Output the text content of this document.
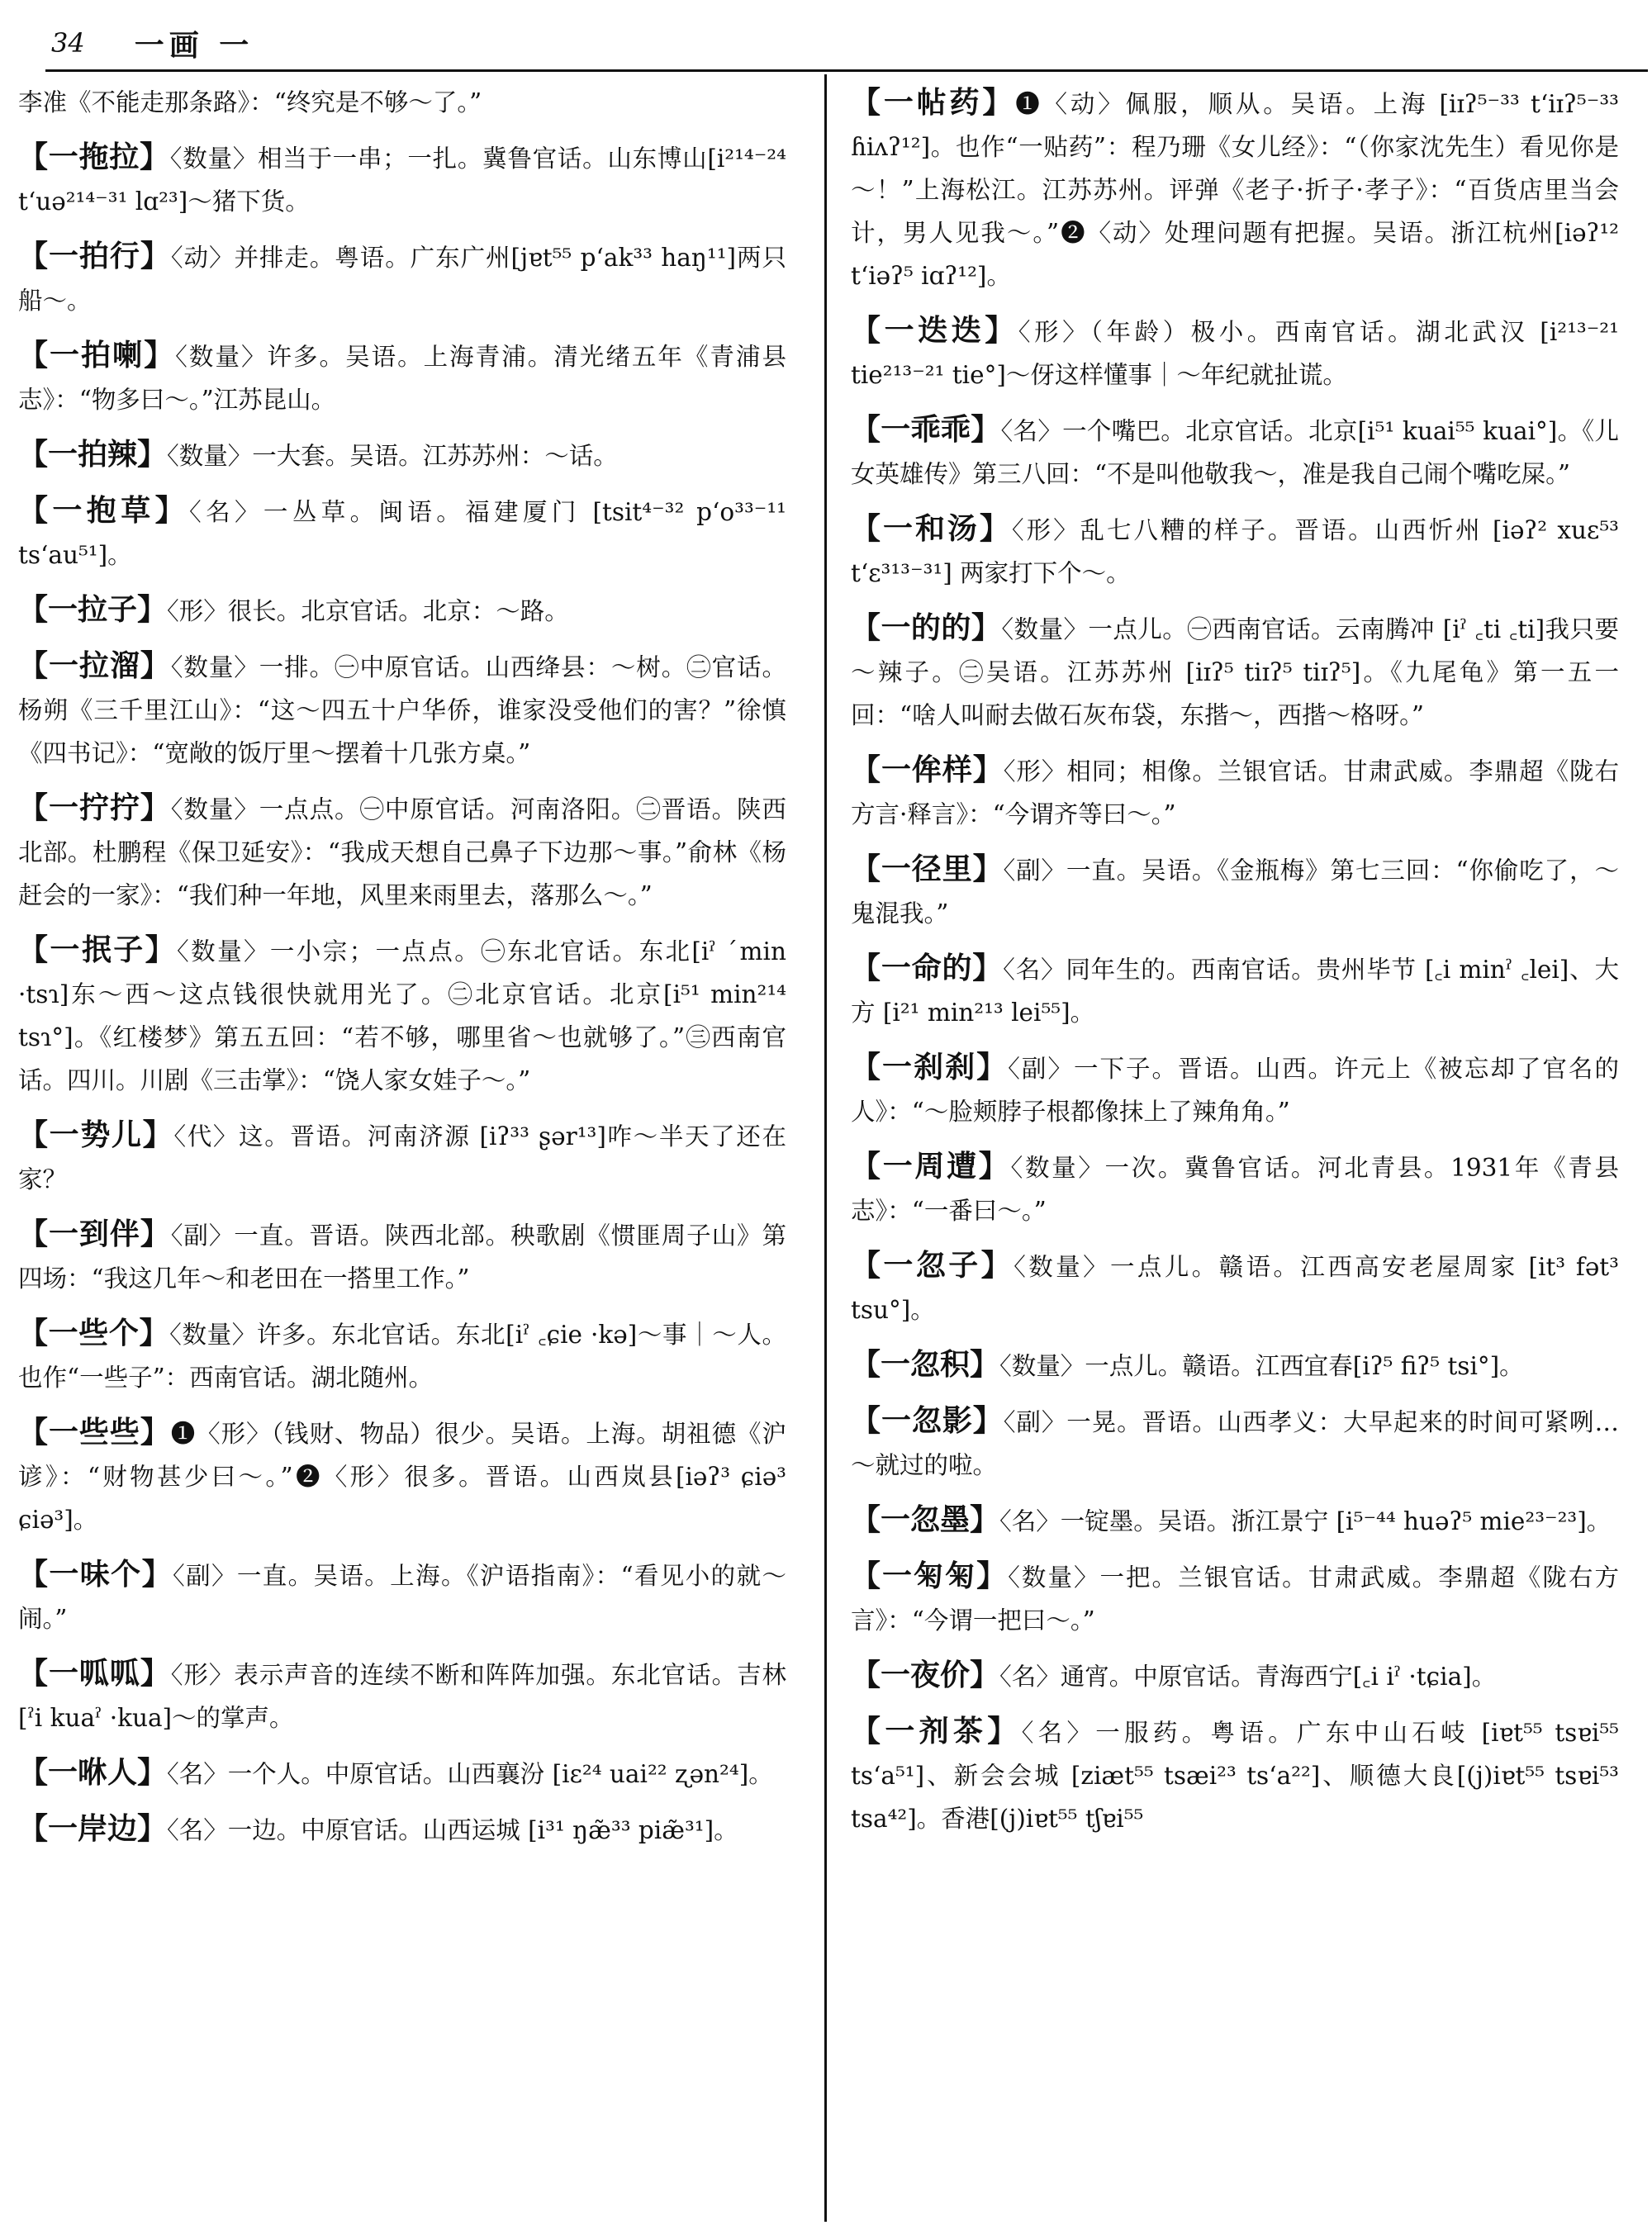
34 一画 一
李准《不能走那条路》：“终究是不够～了。”
【一拖拉】〈数量〉相当于一串；一扎。冀鲁官话。山东博山[i²¹⁴⁻²⁴ tʻuə²¹⁴⁻³¹ lɑ²³]～猪下货。
【一拍行】〈动〉并排走。粤语。广东广州[jɐt⁵⁵ pʻak³³ haŋ¹¹]两只船～。
【一拍喇】〈数量〉许多。吴语。上海青浦。清光绪五年《青浦县志》：“物多曰～。”江苏昆山。
【一拍辣】〈数量〉一大套。吴语。江苏苏州：～话。
【一抱草】〈名〉一丛草。闽语。福建厦门 [tsit⁴⁻³² pʻo³³⁻¹¹ tsʻau⁵¹]。
【一拉子】〈形〉很长。北京官话。北京：～路。
【一拉溜】〈数量〉一排。㊀中原官话。山西绛县：～树。㊁官话。杨朔《三千里江山》：“这～四五十户华侨，谁家没受他们的害？”徐慎《四书记》：“宽敞的饭厅里～摆着十几张方桌。”
【一拧拧】〈数量〉一点点。㊀中原官话。河南洛阳。㊁晋语。陕西北部。杜鹏程《保卫延安》：“我成天想自己鼻子下边那～事。”俞林《杨赶会的一家》：“我们种一年地，风里来雨里去，落那么～。”
【一抿子】〈数量〉一小宗；一点点。㊀东北官话。东北[iˀ ˊmin ·tsɿ]东～西～这点钱很快就用光了。㊁北京官话。北京[i⁵¹ min²¹⁴ tsɿ°]。《红楼梦》第五五回：“若不够，哪里省～也就够了。”㊂西南官话。四川。川剧《三击掌》：“饶人家女娃子～。”
【一势儿】〈代〉这。晋语。河南济源 [iʔ³³ ʂər¹³]咋～半天了还在家？
【一到伴】〈副〉一直。晋语。陕西北部。秧歌剧《惯匪周子山》第四场：“我这几年～和老田在一搭里工作。”
【一些个】〈数量〉许多。东北官话。东北[iˀ ꜀ɕie ·kə]～事｜～人。也作“一些子”：西南官话。湖北随州。
【一些些】❶〈形〉（钱财、物品）很少。吴语。上海。胡祖德《沪谚》：“财物甚少曰～。”❷〈形〉很多。晋语。山西岚县[iəʔ³ ɕiə³ ɕiə³]。
【一味个】〈副〉一直。吴语。上海。《沪语指南》：“看见小的就～闹。”
【一呱呱】〈形〉表示声音的连续不断和阵阵加强。东北官话。吉林[ˀi kuaˀ ·kua]～的掌声。
【一咻人】〈名〉一个人。中原官话。山西襄汾 [iɛ²⁴ uai²² ʐən²⁴]。
【一岸边】〈名〉一边。中原官话。山西运城 [i³¹ ŋæ̃³³ piæ̃³¹]。
【一帖药】❶〈动〉佩服，顺从。吴语。上海 [iɪʔ⁵⁻³³ tʻiɪʔ⁵⁻³³ ɦiʌʔ¹²]。也作“一贴药”：程乃珊《女儿经》：“（你家沈先生）看见你是～！”上海松江。江苏苏州。评弹《老子·折子·孝子》：“百货店里当会计，男人见我～。”❷〈动〉处理问题有把握。吴语。浙江杭州[iəʔ¹² tʻiəʔ⁵ iɑʔ¹²]。
【一迭迭】〈形〉（年龄）极小。西南官话。湖北武汉 [i²¹³⁻²¹ tie²¹³⁻²¹ tie°]～伢这样懂事｜～年纪就扯谎。
【一乖乖】〈名〉一个嘴巴。北京官话。北京[i⁵¹ kuai⁵⁵ kuai°]。《儿女英雄传》第三八回：“不是叫他敬我～，准是我自己闹个嘴吃屎。”
【一和汤】〈形〉乱七八糟的样子。晋语。山西忻州 [iəʔ² xuɛ⁵³ tʻɛ³¹³⁻³¹] 两家打下个～。
【一的的】〈数量〉一点儿。㊀西南官话。云南腾冲 [iˀ ꜀ti ꜀ti]我只要～辣子。㊁吴语。江苏苏州 [iɪʔ⁵ tiɪʔ⁵ tiɪʔ⁵]。《九尾龟》第一五一回：“啥人叫耐去做石灰布袋，东揩～，西揩～格呀。”
【一侔样】〈形〉相同；相像。兰银官话。甘肃武威。李鼎超《陇右方言·释言》：“今谓齐等曰～。”
【一径里】〈副〉一直。吴语。《金瓶梅》第七三回：“你偷吃了，～鬼混我。”
【一命的】〈名〉同年生的。西南官话。贵州毕节 [꜀i minˀ ꜀lei]、大方 [i²¹ min²¹³ lei⁵⁵]。
【一刹刹】〈副〉一下子。晋语。山西。许元上《被忘却了官名的人》：“～脸颊脖子根都像抹上了辣角角。”
【一周遭】〈数量〉一次。冀鲁官话。河北青县。1931年《青县志》：“一番曰～。”
【一忽子】〈数量〉一点儿。赣语。江西高安老屋周家 [it³ fət³ tsu°]。
【一忽积】〈数量〉一点儿。赣语。江西宜春[iʔ⁵ fiʔ⁵ tsi°]。
【一忽影】〈副〉一晃。晋语。山西孝义：大早起来的时间可紧咧…～就过的啦。
【一忽墨】〈名〉一锭墨。吴语。浙江景宁 [i⁵⁻⁴⁴ huəʔ⁵ mie²³⁻²³]。
【一匊匊】〈数量〉一把。兰银官话。甘肃武威。李鼎超《陇右方言》：“今谓一把曰～。”
【一夜价】〈名〉通宵。中原官话。青海西宁[꜀i iˀ ·tɕia]。
【一剂茶】〈名〉一服药。粤语。广东中山石岐 [iɐt⁵⁵ tsɐi⁵⁵ tsʻa⁵¹]、新会会城 [ziæt⁵⁵ tsæi²³ tsʻa²²]、顺德大良[(j)iɐt⁵⁵ tsɐi⁵³ tsa⁴²]。香港[(j)iɐt⁵⁵ tʃɐi⁵⁵
